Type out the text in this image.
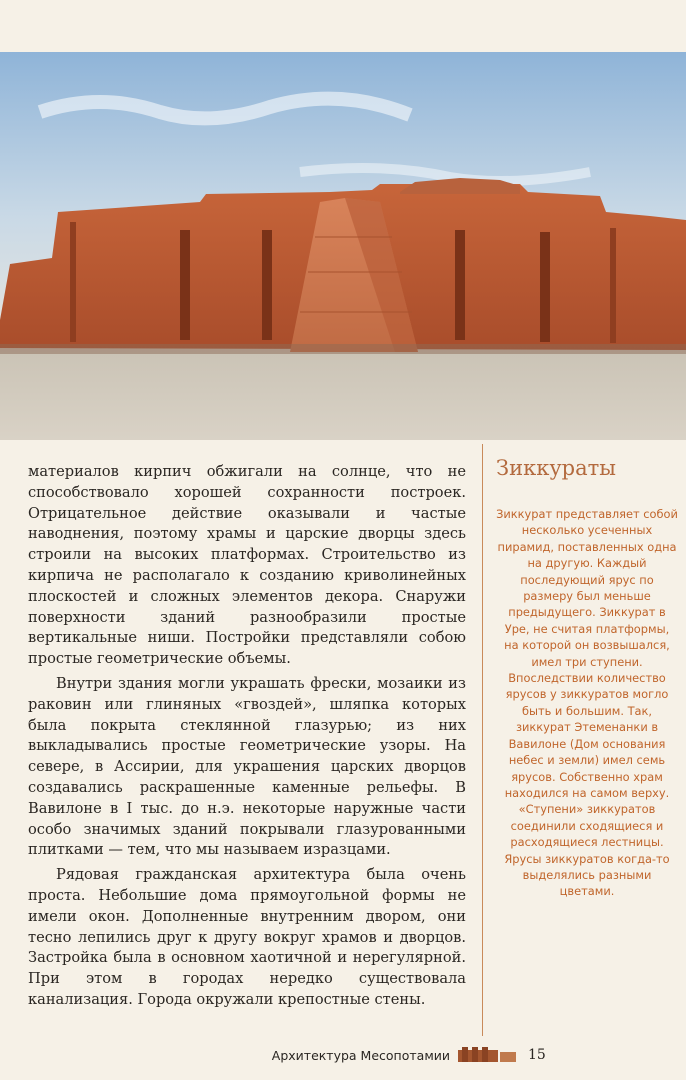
материалов кирпич обжигали на солнце, что не способствовало хорошей сохранности построек. Отрицательное действие оказывали и частые наводнения, поэтому храмы и царские дворцы здесь строили на высоких платформах. Строительство из кирпича не располагало к созданию криволинейных плоскостей и сложных элементов декора. Снаружи поверхности зданий разнообразили простые вертикальные ниши. Постройки представляли собою простые геометрические объемы.

Внутри здания могли украшать фрески, мозаики из раковин или глиняных «гвоздей», шляпка которых была покрыта стеклянной глазурью; из них выкладывались простые геометрические узоры. На севере, в Ассирии, для украшения царских дворцов создавались раскрашенные каменные рельефы. В Вавилоне в I тыс. до н.э. некоторые наружные части особо значимых зданий покрывали глазурованными плитками — тем, что мы называем изразцами.

Рядовая гражданская архитектура была очень проста. Небольшие дома прямоугольной формы не имели окон. Дополненные внутренним двором, они тесно лепились друг к другу вокруг храмов и дворцов. Застройка была в основном хаотичной и нерегулярной. При этом в городах нередко существовала канализация. Города окружали крепостные стены.

Зиккураты
Зиккурат представляет собой несколько усеченных пирамид, поставленных одна на другую. Каждый последующий ярус по размеру был меньше предыдущего. Зиккурат в Уре, не считая платформы, на которой он возвышался, имел три ступени. Впоследствии количество ярусов у зиккуратов могло быть и большим. Так, зиккурат Этеменанки в Вавилоне (Дом основания небес и земли) имел семь ярусов. Собственно храм находился на самом верху. «Ступени» зиккуратов соединили сходящиеся и расходящиеся лестницы. Ярусы зиккуратов когда-то выделялись разными цветами.
Архитектура Месопотамии	15
